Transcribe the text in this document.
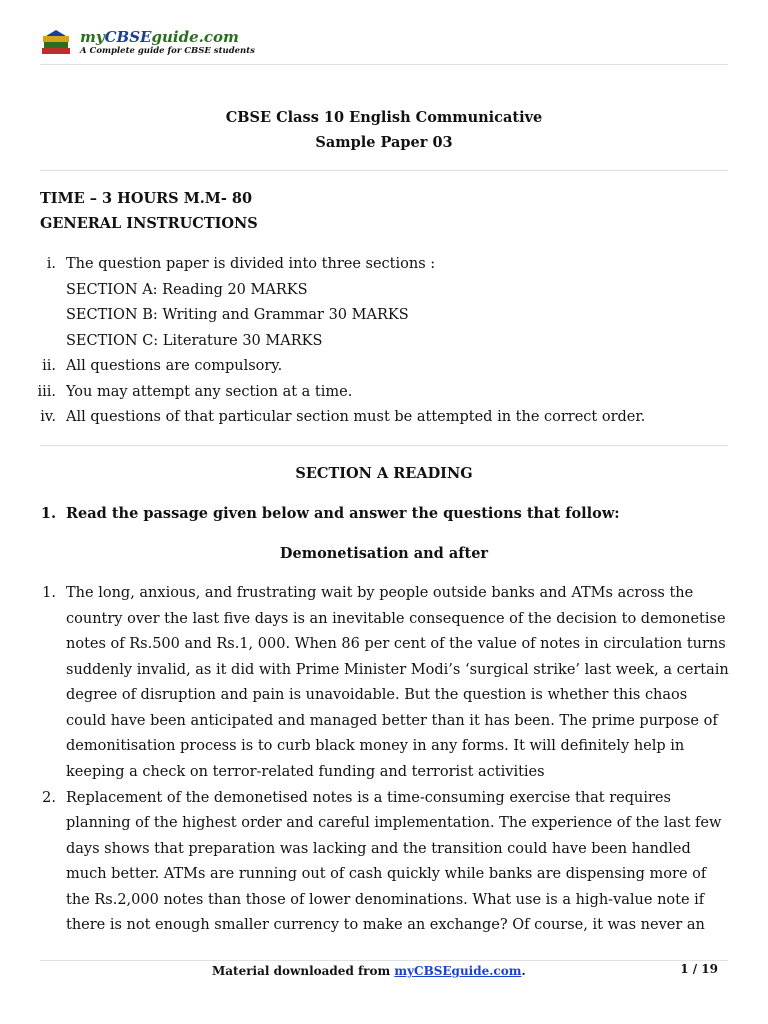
myCBSEguide.com
A Complete guide for CBSE students
CBSE Class 10 English Communicative
Sample Paper 03
TIME – 3 HOURS M.M- 80
GENERAL INSTRUCTIONS
i. The question paper is divided into three sections :
SECTION A: Reading 20 MARKS
SECTION B: Writing and Grammar 30 MARKS
SECTION C: Literature 30 MARKS
ii. All questions are compulsory.
iii. You may attempt any section at a time.
iv. All questions of that particular section must be attempted in the correct order.
SECTION A READING
1. Read the passage given below and answer the questions that follow:
Demonetisation and after
1. The long, anxious, and frustrating wait by people outside banks and ATMs across the
country over the last five days is an inevitable consequence of the decision to demonetise
notes of Rs.500 and Rs.1, 000. When 86 per cent of the value of notes in circulation turns
suddenly invalid, as it did with Prime Minister Modi’s ‘surgical strike’ last week, a certain
degree of disruption and pain is unavoidable. But the question is whether this chaos
could have been anticipated and managed better than it has been. The prime purpose of
demonitisation process is to curb black money in any forms. It will definitely help in
keeping a check on terror-related funding and terrorist activities
2. Replacement of the demonetised notes is a time-consuming exercise that requires
planning of the highest order and careful implementation. The experience of the last few
days shows that preparation was lacking and the transition could have been handled
much better. ATMs are running out of cash quickly while banks are dispensing more of
the Rs.2,000 notes than those of lower denominations. What use is a high-value note if
there is not enough smaller currency to make an exchange? Of course, it was never an
Material downloaded from myCBSEguide.com.	1 / 19
